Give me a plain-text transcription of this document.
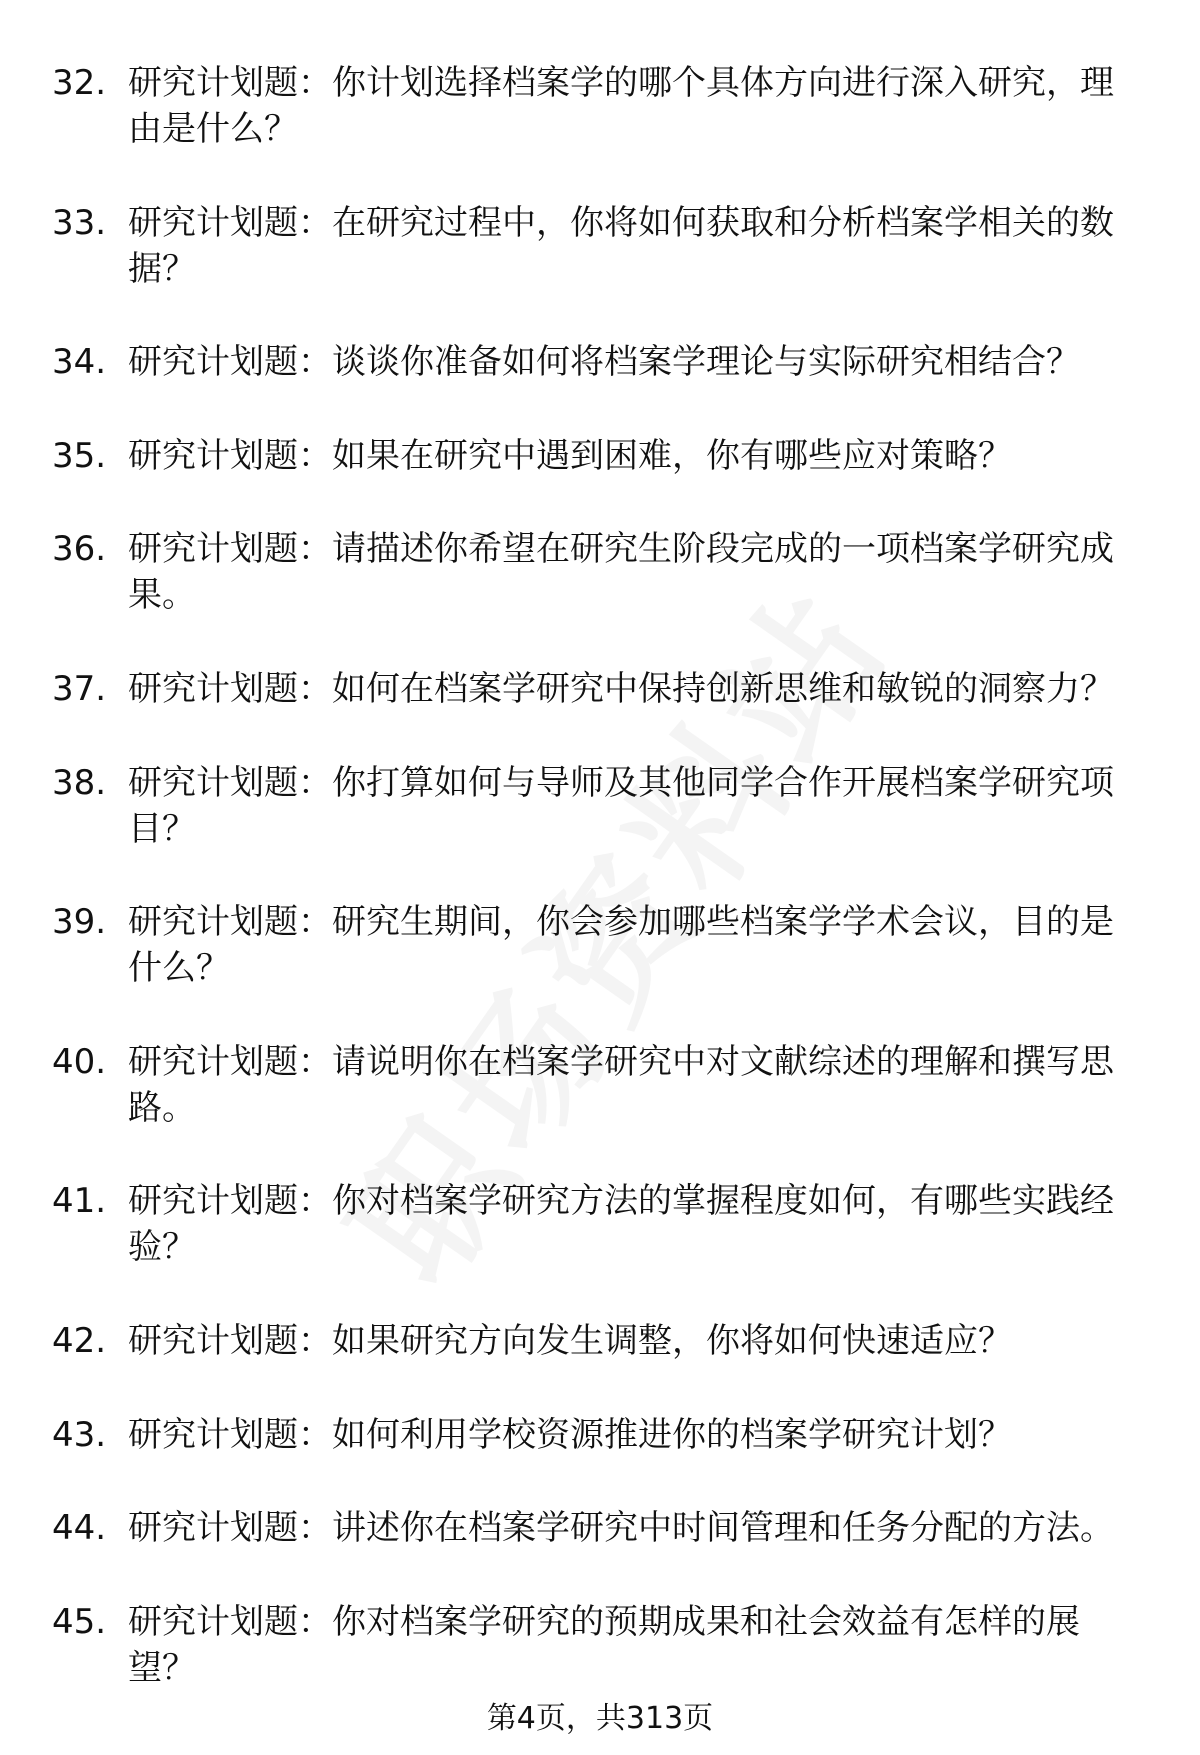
32. 研究计划题：你计划选择档案学的哪个具体方向进行深入研究，理由是什么？
33. 研究计划题：在研究过程中，你将如何获取和分析档案学相关的数据？
34. 研究计划题：谈谈你准备如何将档案学理论与实际研究相结合？
35. 研究计划题：如果在研究中遇到困难，你有哪些应对策略？
36. 研究计划题：请描述你希望在研究生阶段完成的一项档案学研究成果。
37. 研究计划题：如何在档案学研究中保持创新思维和敏锐的洞察力？
38. 研究计划题：你打算如何与导师及其他同学合作开展档案学研究项目？
39. 研究计划题：研究生期间，你会参加哪些档案学学术会议，目的是什么？
40. 研究计划题：请说明你在档案学研究中对文献综述的理解和撰写思路。
41. 研究计划题：你对档案学研究方法的掌握程度如何，有哪些实践经验？
42. 研究计划题：如果研究方向发生调整，你将如何快速适应？
43. 研究计划题：如何利用学校资源推进你的档案学研究计划？
44. 研究计划题：讲述你在档案学研究中时间管理和任务分配的方法。
45. 研究计划题：你对档案学研究的预期成果和社会效益有怎样的展望？
第4页，共313页
